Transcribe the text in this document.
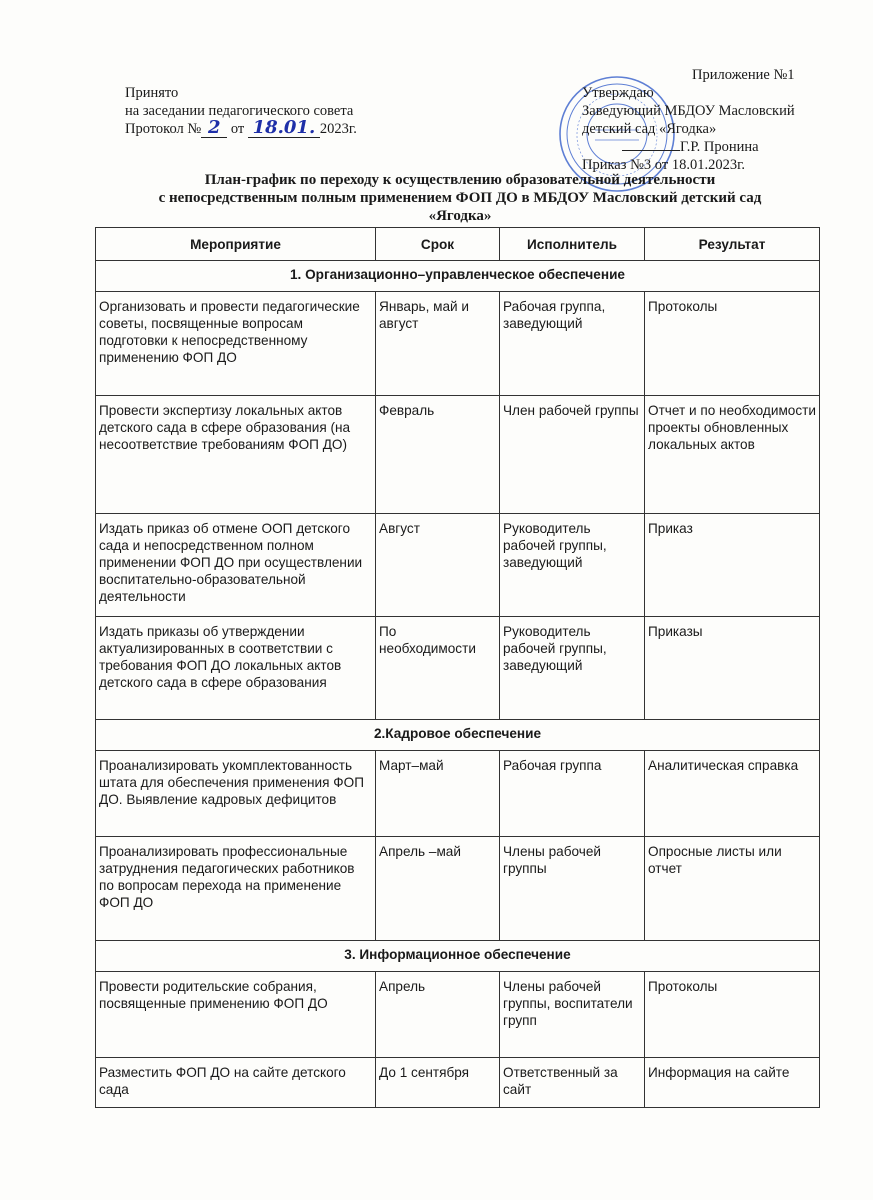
Принято
на заседании педагогического совета
Протокол № 2 от 18.01. 2023г.
Приложение №1
Утверждаю
Заведующий МБДОУ Масловский
детский сад «Ягодка»
Г.Р. Пронина
Приказ №3 от 18.01.2023г.
План-график по переходу к осуществлению образовательной деятельности
с непосредственным полным применением ФОП ДО в МБДОУ Масловский детский сад
«Ягодка»
Мероприятие	Срок	Исполнитель	Результат
1. Организационно–управленческое обеспечение			
Организовать и провести педагогические советы, посвященные вопросам подготовки к непосредственному применению ФОП ДО	Январь, май и август	Рабочая группа, заведующий	Протоколы
Провести экспертизу локальных актов детского сада в сфере образования (на несоответствие требованиям ФОП ДО)	Февраль	Член рабочей группы	Отчет и по необходимости проекты обновленных локальных актов
Издать приказ об отмене ООП детского сада и непосредственном полном применении ФОП ДО при осуществлении воспитательно-образовательной деятельности	Август	Руководитель рабочей группы, заведующий	Приказ
Издать приказы об утверждении актуализированных в соответствии с требования ФОП ДО локальных актов детского сада в сфере образования	По необходимости	Руководитель рабочей группы, заведующий	Приказы
2.Кадровое обеспечение			
Проанализировать укомплектованность штата для обеспечения применения ФОП ДО. Выявление кадровых дефицитов	Март–май	Рабочая группа	Аналитическая справка
Проанализировать профессиональные затруднения педагогических работников по вопросам перехода на применение ФОП ДО	Апрель –май	Члены рабочей группы	Опросные листы или отчет
3. Информационное обеспечение			
Провести родительские собрания, посвященные применению ФОП ДО	Апрель	Члены рабочей группы, воспитатели групп	Протоколы
Разместить ФОП ДО на сайте детского сада	До 1 сентября	Ответственный за сайт	Информация на сайте
